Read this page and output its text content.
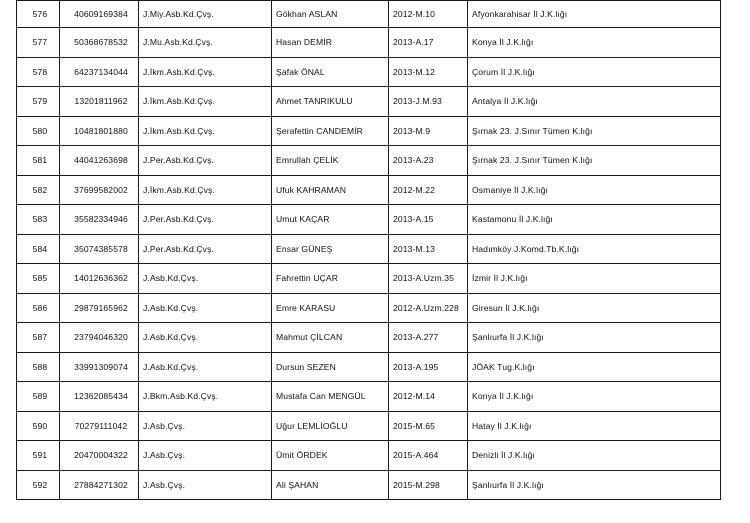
576	40609169384	J.Miy.Asb.Kd.Çvş.	Gökhan ASLAN	2012-M.10	Afyonkarahisar İl J.K.lığı
577	50368678532	J.Mu.Asb.Kd.Çvş.	Hasan DEMİR	2013-A.17	Konya İl J.K.lığı
578	64237134044	J.İkm.Asb.Kd.Çvş.	Şafak ÖNAL	2013-M.12	Çorum İl J.K.lığı
579	13201811962	J.İkm.Asb.Kd.Çvş.	Ahmet TANRIKULU	2013-J.M.93	Antalya İl J.K.lığı
580	10481801880	J.İkm.Asb.Kd.Çvş.	Şerafettin CANDEMİR	2013-M.9	Şırnak 23. J.Sınır Tümen K.lığı
581	44041263698	J.Per.Asb.Kd.Çvş.	Emrullah ÇELİK	2013-A.23	Şırnak 23. J.Sınır Tümen K.lığı
582	37699582002	J.İkm.Asb.Kd.Çvş.	Ufuk KAHRAMAN	2012-M.22	Osmaniye İl J.K.lığı
583	35582334946	J.Per.Asb.Kd.Çvş.	Umut KAÇAR	2013-A.15	Kastamonu İl J.K.lığı
584	35074385578	J.Per.Asb.Kd.Çvş.	Ensar GÜNEŞ	2013-M.13	Hadımköy J.Komd.Tb.K.lığı
585	14012636362	J.Asb.Kd.Çvş.	Fahrettin UÇAR	2013-A.Uzm.35	İzmir İl J.K.lığı
586	29879165962	J.Asb.Kd.Çvş.	Emre KARASU	2012-A.Uzm.228	Giresun İl J.K.lığı
587	23794046320	J.Asb.Kd.Çvş.	Mahmut ÇİLCAN	2013-A.277	Şanlıurfa İl J.K.lığı
588	33991309074	J.Asb.Kd.Çvş.	Dursun SEZEN	2013-A.195	JÖAK Tug.K.lığı
589	12362085434	J.Bkm.Asb.Kd.Çvş.	Mustafa Can MENGÜL	2012-M.14	Konya İl J.K.lığı
590	70279111042	J.Asb.Çvş.	Uğur LEMLİOĞLU	2015-M.65	Hatay İl J.K.lığı
591	20470004322	J.Asb.Çvş.	Ümit ÖRDEK	2015-A.464	Denizli İl J.K.lığı
592	27884271302	J.Asb.Çvş.	Ali ŞAHAN	2015-M.298	Şanlıurfa İl J.K.lığı
